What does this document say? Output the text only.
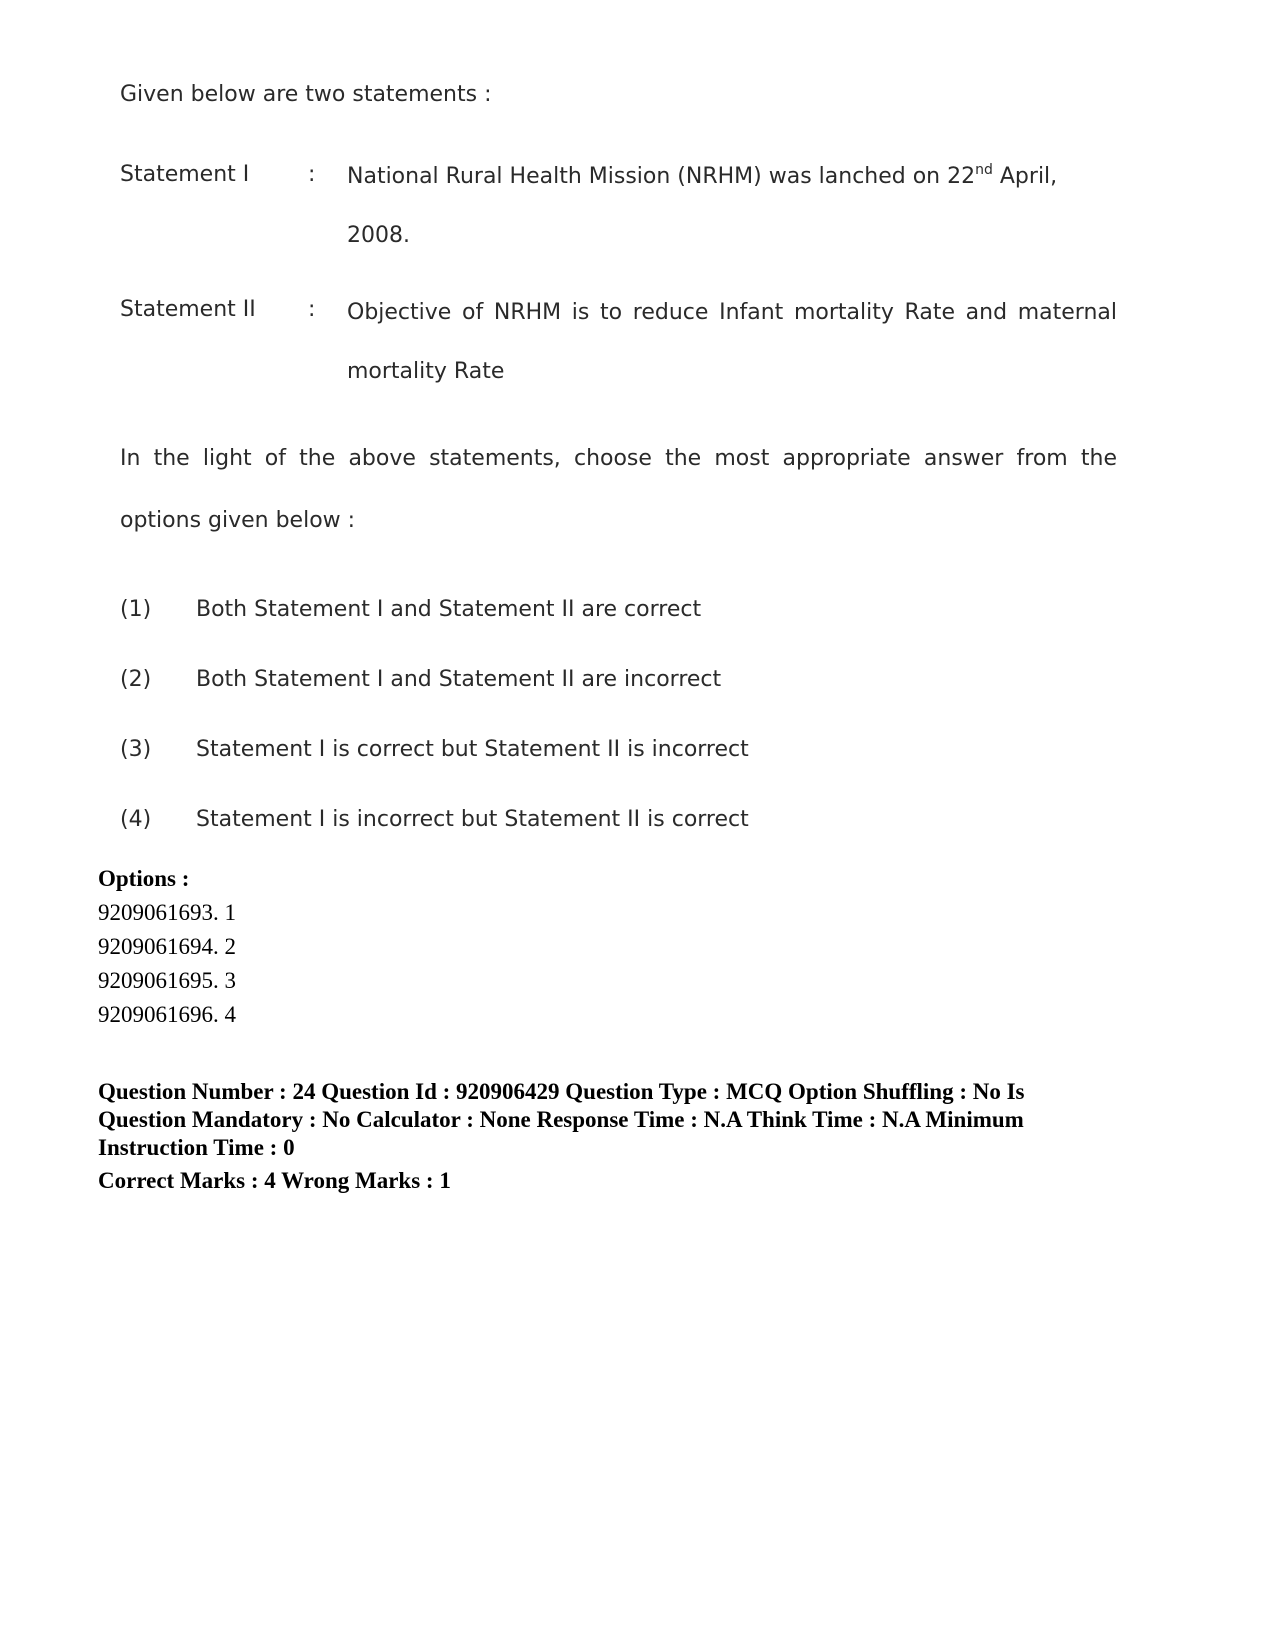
Given below are two statements :
Statement I	: National Rural Health Mission (NRHM) was lanched on 22nd April,
2008.
Statement II : Objective of NRHM is to reduce Infant mortality Rate and maternal mortality Rate
In the light of the above statements, choose the most appropriate answer from the options given below :
(1) Both Statement I and Statement II are correct
(2) Both Statement I and Statement II are incorrect
(3) Statement I is correct but Statement II is incorrect
(4) Statement I is incorrect but Statement II is correct
Options :
9209061693. 1
9209061694. 2
9209061695. 3
9209061696. 4
Question Number : 24 Question Id : 920906429 Question Type : MCQ Option Shuffling : No Is Question Mandatory : No Calculator : None Response Time : N.A Think Time : N.A Minimum Instruction Time : 0
Correct Marks : 4 Wrong Marks : 1
